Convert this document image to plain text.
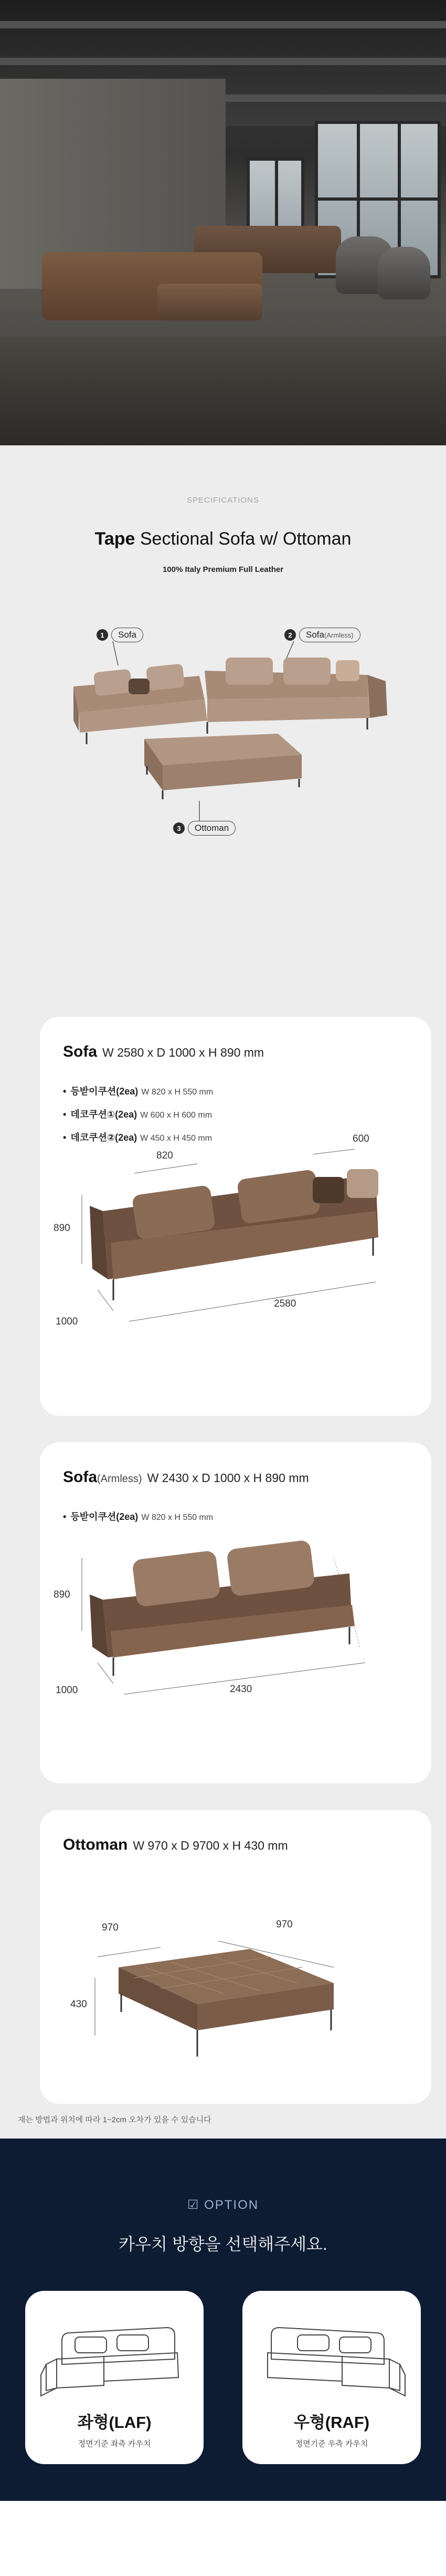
SPECIFICATIONS
Tape Sectional Sofa w/ Ottoman
100% Italy Premium Full Leather
1	Sofa	2	Sofa(Armless)
3	Ottoman
Sofa W 2580 x D 1000 x H 890 mm
• 등받이쿠션(2ea) W 820 x H 550 mm
• 데코쿠션①(2ea) W 600 x H 600 mm
• 데코쿠션②(2ea) W 450 x H 450 mm
820
600
890
1000
2580
Sofa(Armless) W 2430 x D 1000 x H 890 mm
• 등받이쿠션(2ea) W 820 x H 550 mm
890
1000	2430
Ottoman W 970 x D 9700 x H 430 mm
970	970
430
재는 방법과 위치에 따라 1~2cm 오차가 있을 수 있습니다
☑ OPTION
카우치 방향을 선택해주세요.
좌형(LAF)
정면기준 좌측 카우치
우형(RAF)
정면기준 우측 카우치
